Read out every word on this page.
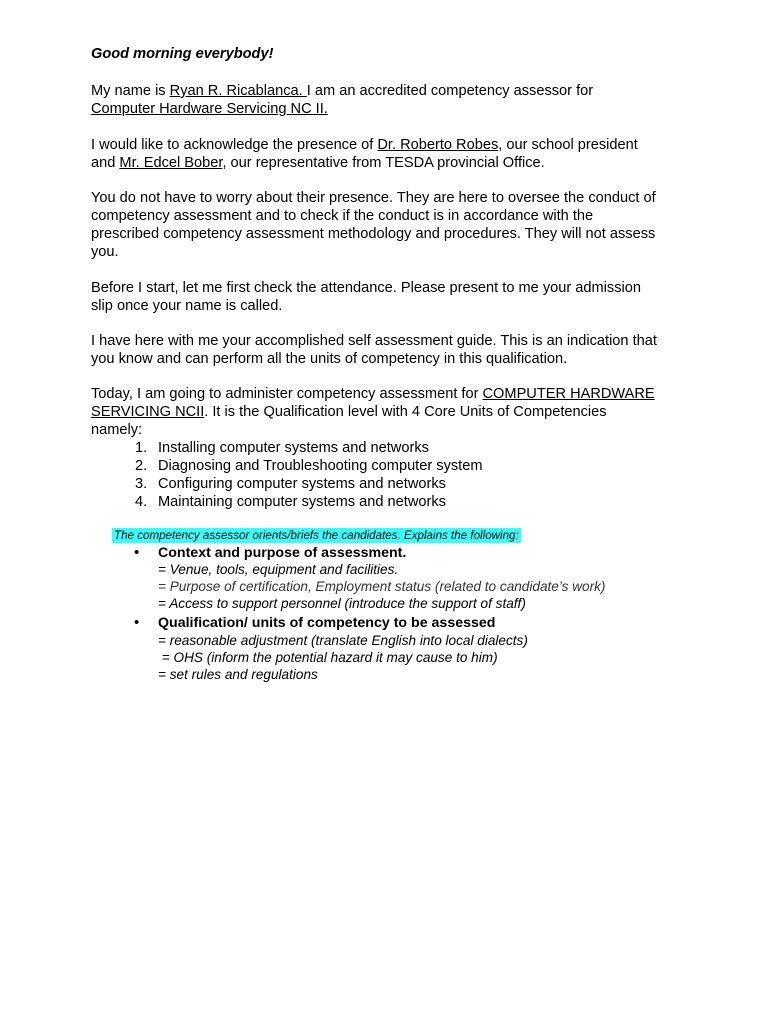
Good morning everybody!
My name is Ryan R. Ricablanca. I am an accredited competency assessor for
Computer Hardware Servicing NC II.
I would like to acknowledge the presence of Dr. Roberto Robes, our school president
and Mr. Edcel Bober, our representative from TESDA provincial Office.
You do not have to worry about their presence. They are here to oversee the conduct of
competency assessment and to check if the conduct is in accordance with the
prescribed competency assessment methodology and procedures. They will not assess
you.
Before I start, let me first check the attendance. Please present to me your admission
slip once your name is called.
I have here with me your accomplished self assessment guide. This is an indication that
you know and can perform all the units of competency in this qualification.
Today, I am going to administer competency assessment for COMPUTER HARDWARE
SERVICING NCII. It is the Qualification level with 4 Core Units of Competencies
namely:
1. Installing computer systems and networks
2. Diagnosing and Troubleshooting computer system
3. Configuring computer systems and networks
4. Maintaining computer systems and networks
The competency assessor orients/briefs the candidates. Explains the following:
• Context and purpose of assessment.
= Venue, tools, equipment and facilities.
= Purpose of certification, Employment status (related to candidate’s work)
= Access to support personnel (introduce the support of staff)
• Qualification/ units of competency to be assessed
= reasonable adjustment (translate English into local dialects)
= OHS (inform the potential hazard it may cause to him)
= set rules and regulations
